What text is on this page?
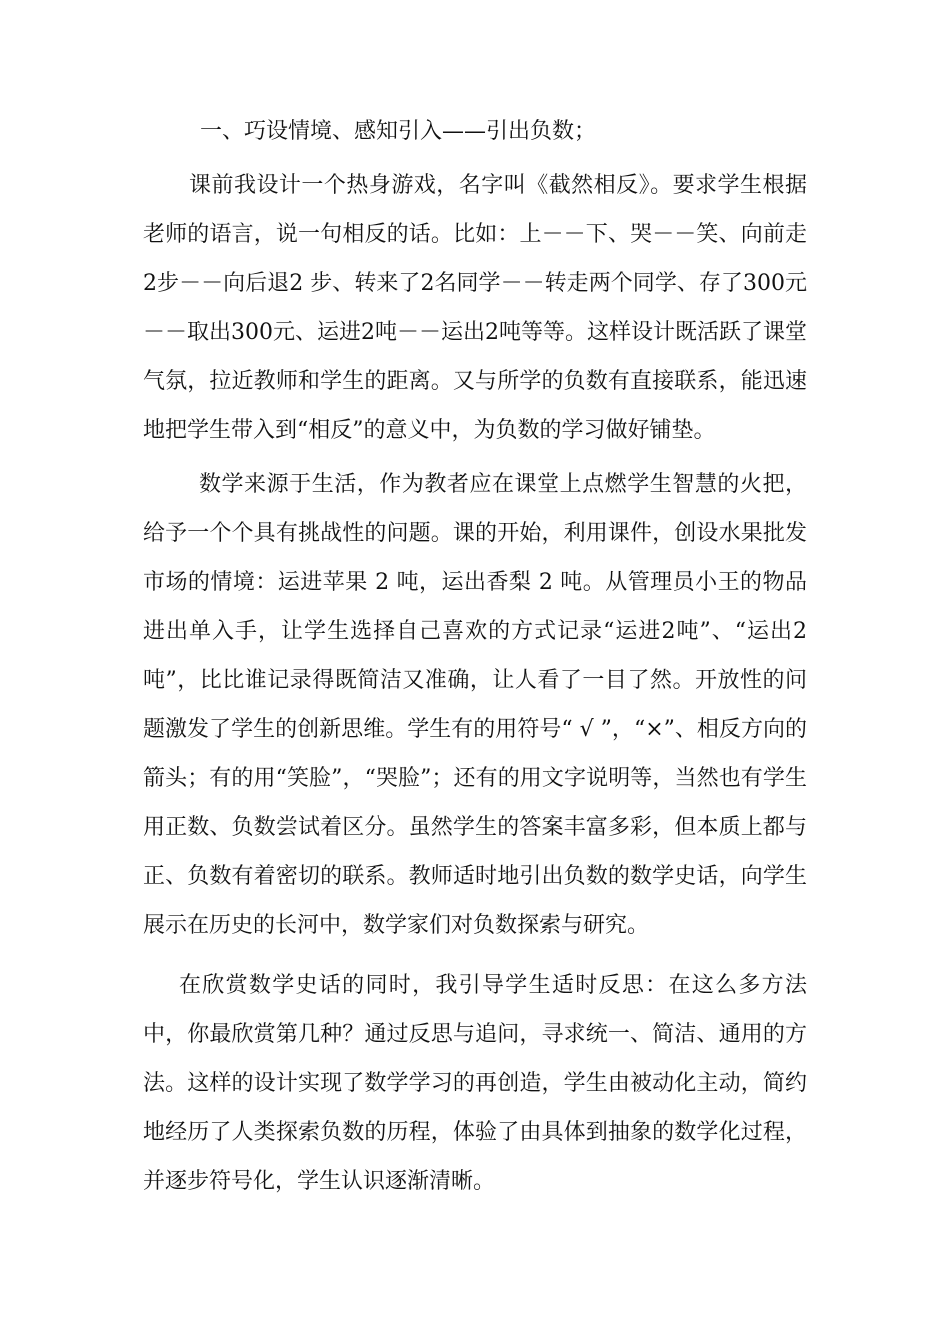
一、巧设情境、感知引入——引出负数；
课前我设计一个热身游戏，名字叫《截然相反》。要求学生根据老师的语言，说一句相反的话。比如：上－－下、哭－－笑、向前走2步－－向后退2 步、转来了2名同学－－转走两个同学、存了300元－－取出300元、运进2吨－－运出2吨等等。这样设计既活跃了课堂气氛，拉近教师和学生的距离。又与所学的负数有直接联系，能迅速地把学生带入到“相反”的意义中，为负数的学习做好铺垫。
数学来源于生活，作为教者应在课堂上点燃学生智慧的火把，给予一个个具有挑战性的问题。课的开始，利用课件，创设水果批发市场的情境：运进苹果 2 吨，运出香梨 2 吨。从管理员小王的物品进出单入手，让学生选择自己喜欢的方式记录“运进2吨”、“运出2吨”，比比谁记录得既简洁又准确，让人看了一目了然。开放性的问题激发了学生的创新思维。学生有的用符号“ √ ”，“×”、相反方向的箭头；有的用“笑脸”，“哭脸”；还有的用文字说明等，当然也有学生用正数、负数尝试着区分。虽然学生的答案丰富多彩，但本质上都与正、负数有着密切的联系。教师适时地引出负数的数学史话，向学生展示在历史的长河中，数学家们对负数探索与研究。
在欣赏数学史话的同时，我引导学生适时反思：在这么多方法中，你最欣赏第几种？通过反思与追问，寻求统一、简洁、通用的方法。这样的设计实现了数学学习的再创造，学生由被动化主动，简约地经历了人类探索负数的历程，体验了由具体到抽象的数学化过程，并逐步符号化，学生认识逐渐清晰。
